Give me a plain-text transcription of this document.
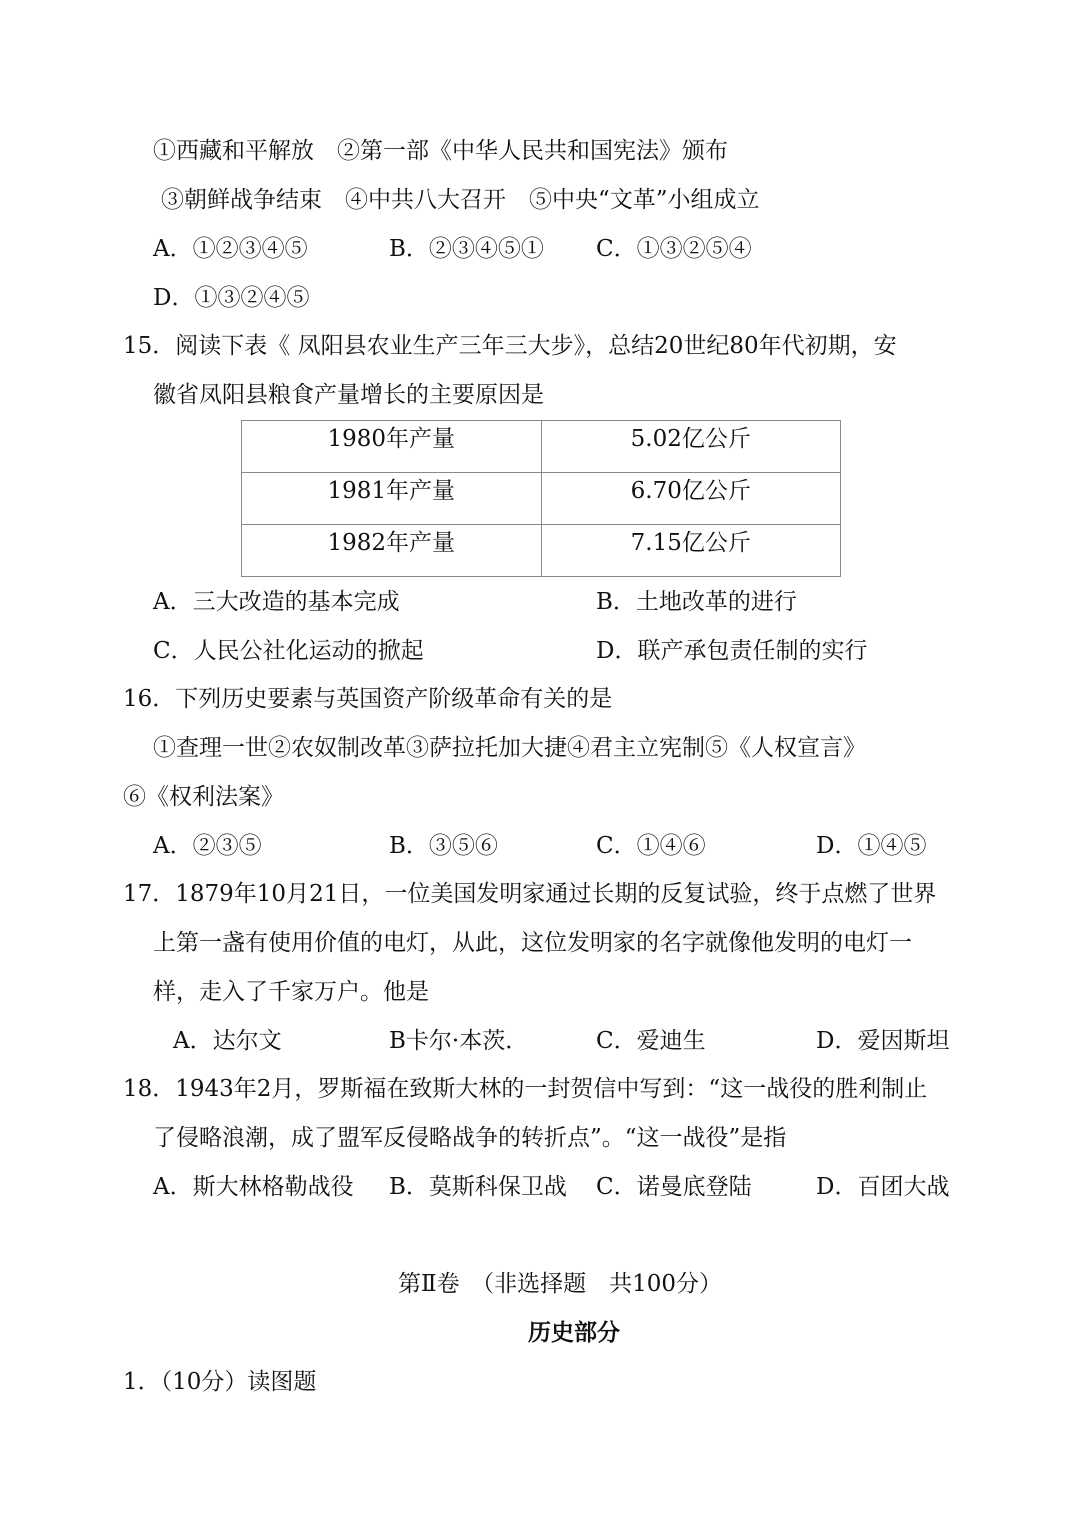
①西藏和平解放　②第一部《中华人民共和国宪法》颁布
③朝鲜战争结束　④中共八大召开　⑤中央“文革”小组成立
A．①②③④⑤	B．②③④⑤① C．①③②⑤④
D．①③②④⑤
15．阅读下表《 凤阳县农业生产三年三大步》，总结20世纪80年代初期，安
徽省凤阳县粮食产量增长的主要原因是
1980年产量	5.02亿公斤
1981年产量	6.70亿公斤
1982年产量	7.15亿公斤
A．三大改造的基本完成	B．土地改革的进行
C．人民公社化运动的掀起	D．联产承包责任制的实行
16．下列历史要素与英国资产阶级革命有关的是
①查理一世②农奴制改革③萨拉托加大捷④君主立宪制⑤《人权宣言》
⑥《权利法案》
A．②③⑤	B．③⑤⑥	C．①④⑥	D．①④⑤
17．1879年10月21日，一位美国发明家通过长期的反复试验，终于点燃了世界
上第一盏有使用价值的电灯，从此，这位发明家的名字就像他发明的电灯一
样，走入了千家万户。他是
A．达尔文	B卡尔·本茨．	C．爱迪生	D．爱因斯坦
18．1943年2月，罗斯福在致斯大林的一封贺信中写到：“这一战役的胜利制止
了侵略浪潮，成了盟军反侵略战争的转折点”。“这一战役”是指
A．斯大林格勒战役 B．莫斯科保卫战 C．诺曼底登陆	D．百团大战
第Ⅱ卷　（非选择题　共100分）
历史部分
1．（10分）读图题
